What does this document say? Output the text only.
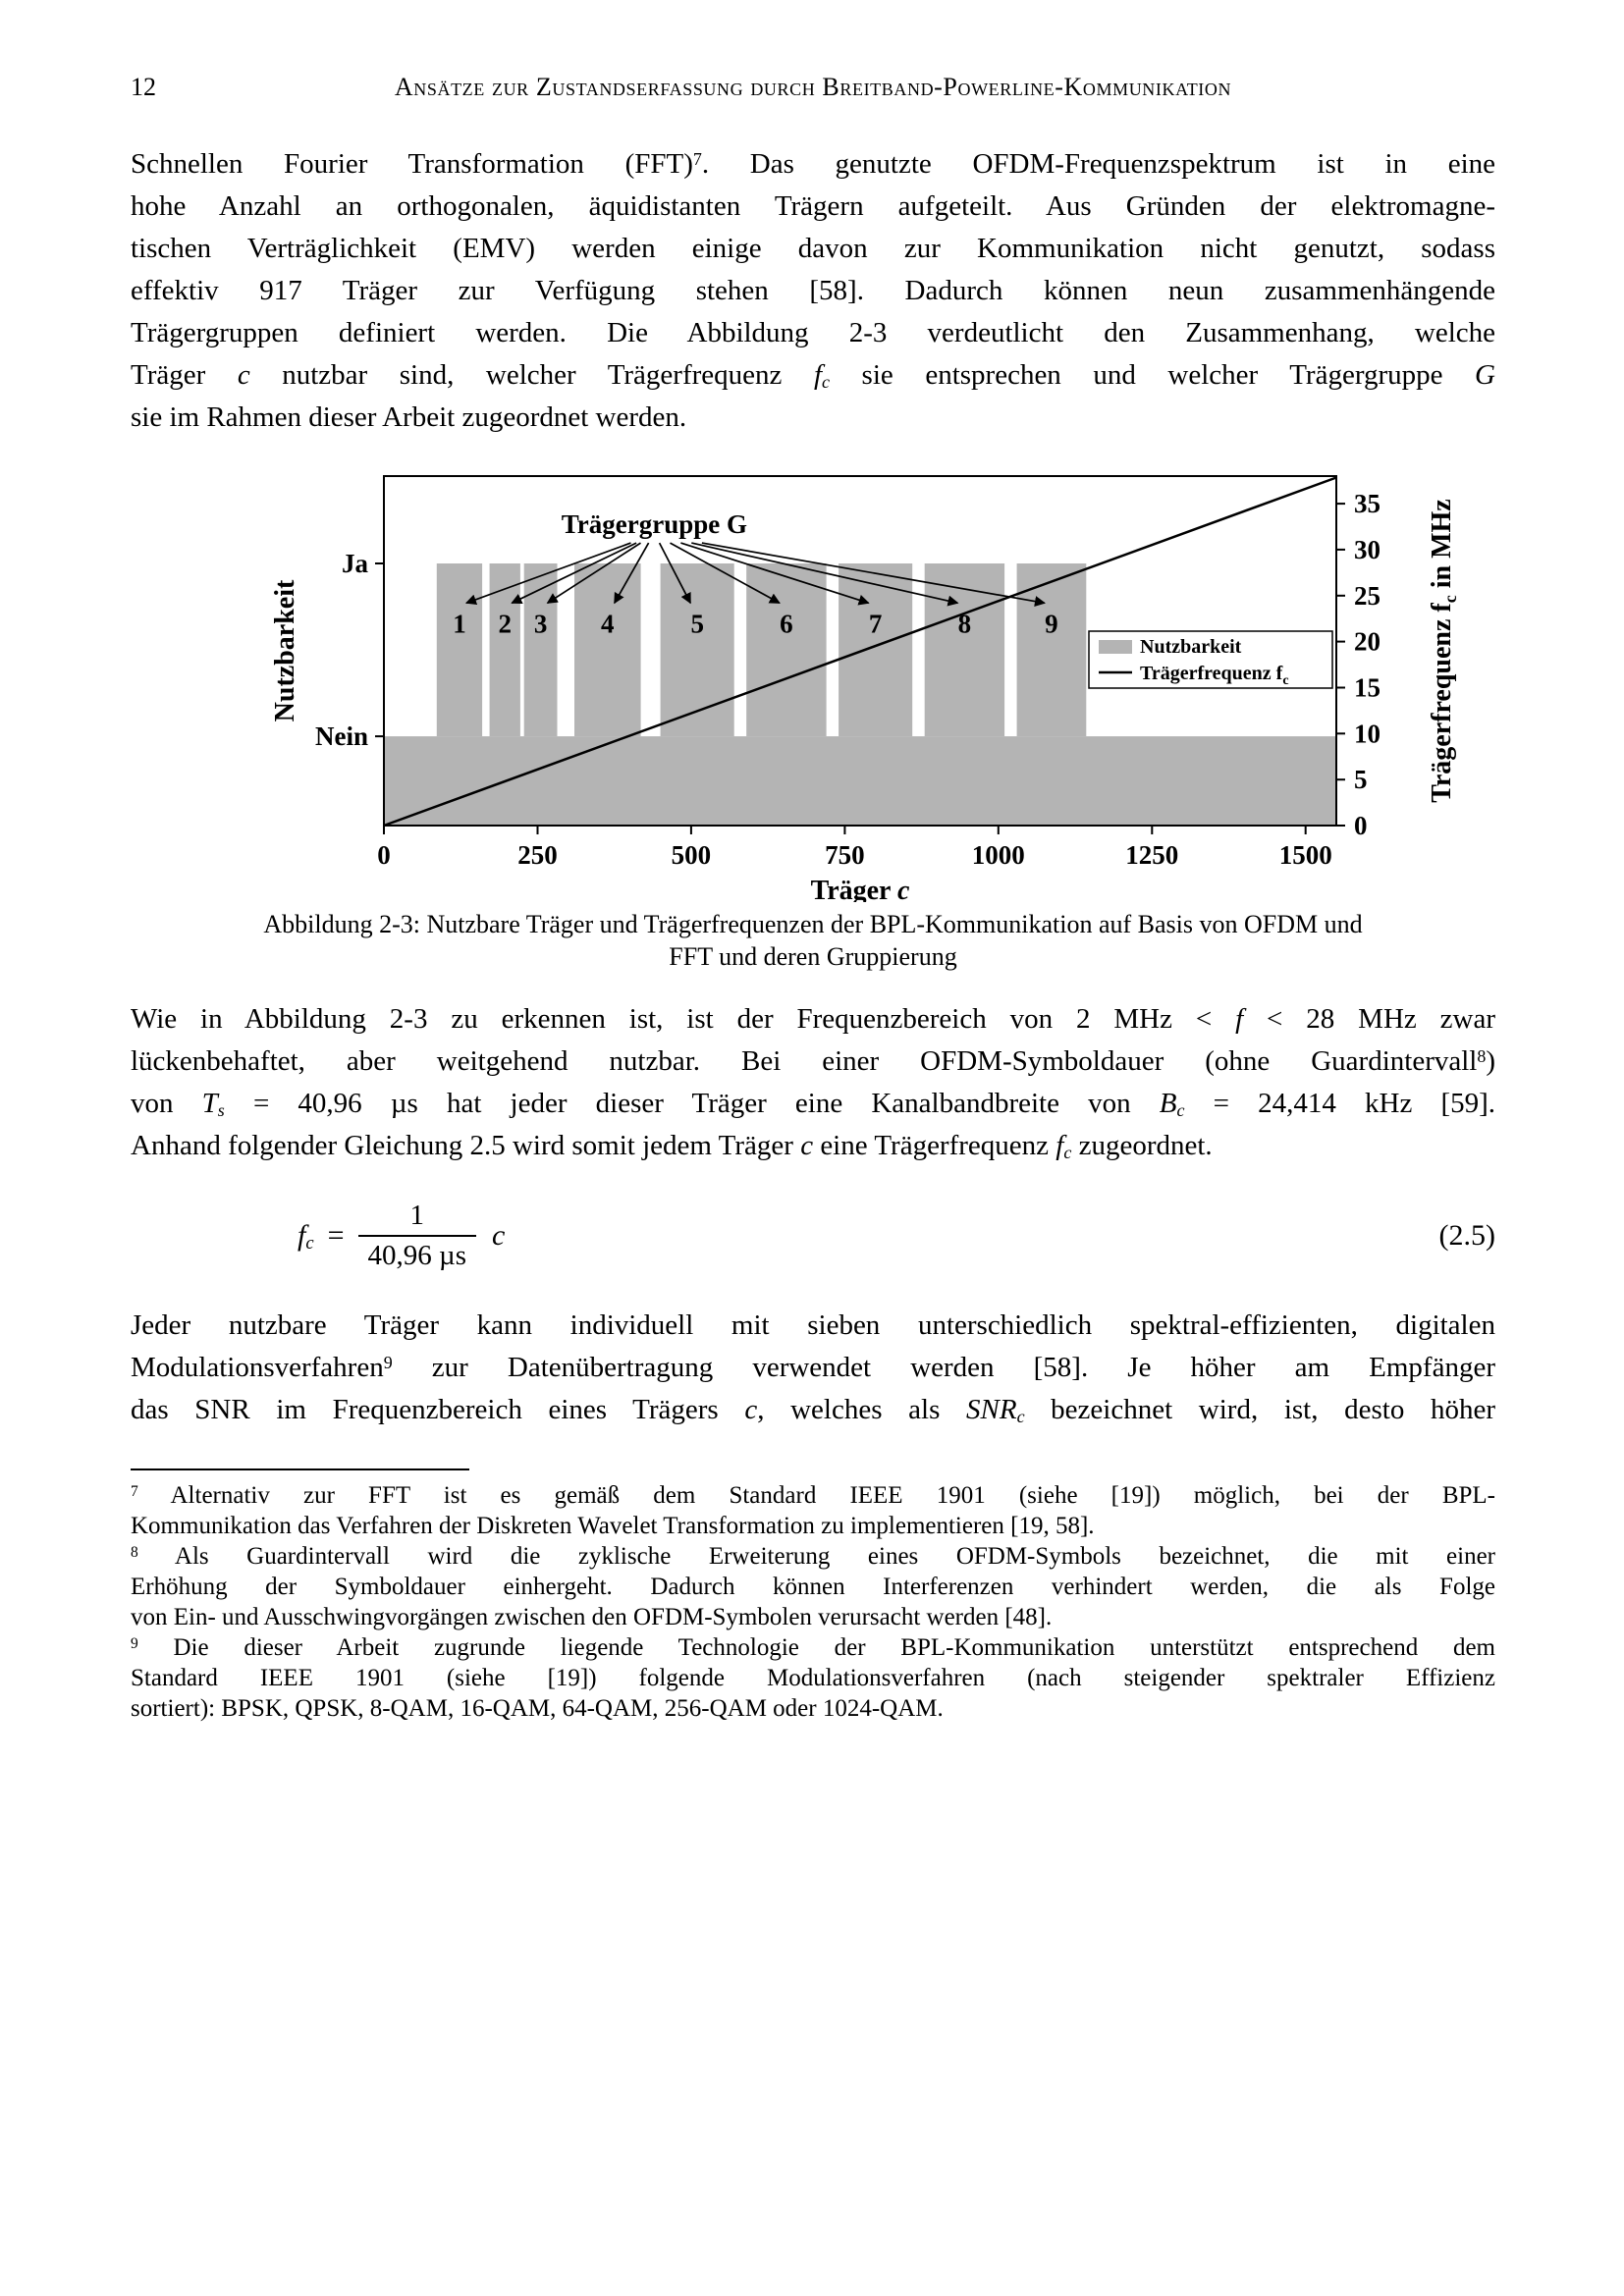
12	Ansätze zur Zustandserfassung durch Breitband-Powerline-Kommunikation
Schnellen Fourier Transformation (FFT)$^7$. Das genutzte OFDM-Frequenzspektrum ist in eine
hohe Anzahl an orthogonalen, äquidistanten Trägern aufgeteilt. Aus Gründen der elektromagne-
tischen Verträglichkeit (EMV) werden einige davon zur Kommunikation nicht genutzt, sodass
effektiv 917 Träger zur Verfügung stehen [58]. Dadurch können neun zusammenhängende
Trägergruppen definiert werden. Die Abbildung 2-3 verdeutlicht den Zusammenhang, welche
Träger c nutzbar sind, welcher Trägerfrequenz $f_c$ sie entsprechen und welcher Trägergruppe G
sie im Rahmen dieser Arbeit zugeordnet werden.
0	250	500	750	1000	1250	1500
Träger c
0
5
10
15
20
25
30
35
Trägerfrequenz $f_c$ in MHz
Ja
Nein
Nutzbarkeit
Trägergruppe G
1 2 3 4	5	6	7	8	9
Nutzbarkeit
Trägerfrequenz $f_c$
Abbildung 2-3: Nutzbare Träger und Trägerfrequenzen der BPL-Kommunikation auf Basis von OFDM und
FFT und deren Gruppierung
Wie in Abbildung 2-3 zu erkennen ist, ist der Frequenzbereich von 2 MHz < f < 28 MHz zwar
lückenbehaftet, aber weitgehend nutzbar. Bei einer OFDM-Symboldauer (ohne Guardintervall$^8$)
von $T_s = 40,96$ µs hat jeder dieser Träger eine Kanalbandbreite von $B_c = 24,414$ kHz [59].
Anhand folgender Gleichung 2.5 wird somit jedem Träger c eine Trägerfrequenz $f_c$ zugeordnet.
$f_c = \frac{1}{\text{40,96 µs}}$ c	(2.5)
Jeder nutzbare Träger kann individuell mit sieben unterschiedlich spektral-effizienten, digitalen
Modulationsverfahren$^9$ zur Datenübertragung verwendet werden [58]. Je höher am Empfänger
das SNR im Frequenzbereich eines Trägers c, welches als $SNR_c$ bezeichnet wird, ist, desto höher
$^7$ Alternativ zur FFT ist es gemäß dem Standard IEEE 1901 (siehe [19]) möglich, bei der BPL-
Kommunikation das Verfahren der Diskreten Wavelet Transformation zu implementieren [19, 58].
$^8$ Als Guardintervall wird die zyklische Erweiterung eines OFDM-Symbols bezeichnet, die mit einer
Erhöhung der Symboldauer einhergeht. Dadurch können Interferenzen verhindert werden, die als Folge
von Ein- und Ausschwingvorgängen zwischen den OFDM-Symbolen verursacht werden [48].
$^9$ Die dieser Arbeit zugrunde liegende Technologie der BPL-Kommunikation unterstützt entsprechend dem
Standard IEEE 1901 (siehe [19]) folgende Modulationsverfahren (nach steigender spektraler Effizienz
sortiert): BPSK, QPSK, 8-QAM, 16-QAM, 64-QAM, 256-QAM oder 1024-QAM.
